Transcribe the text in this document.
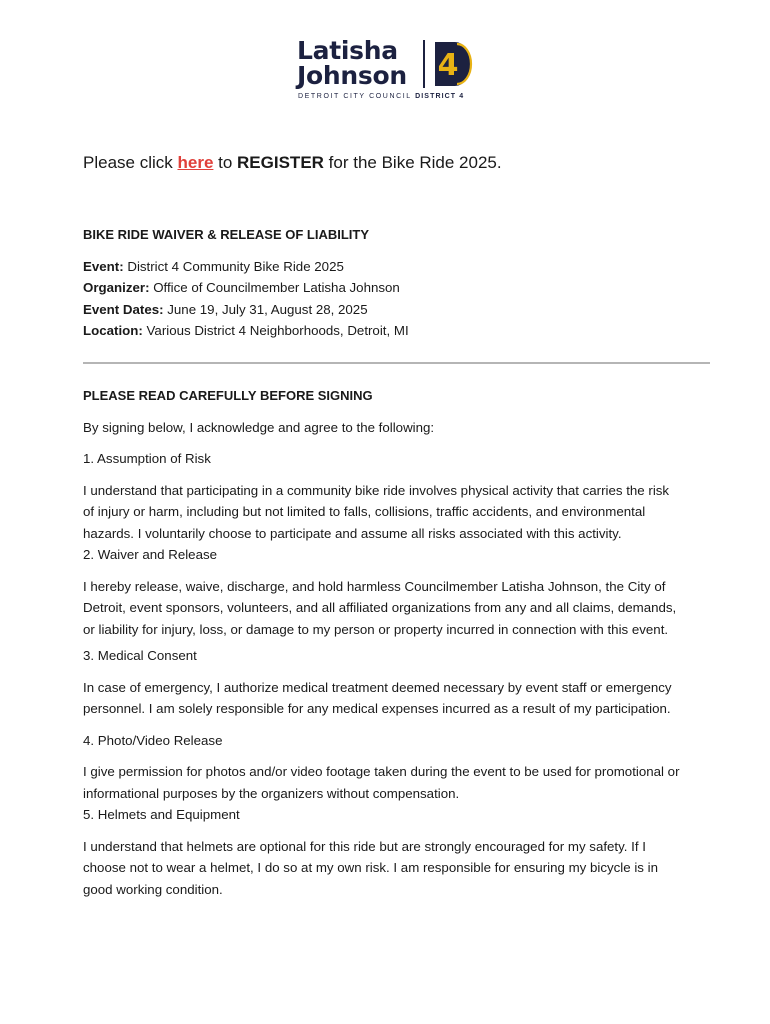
Latisha
Johnson 4
DETROIT CITY COUNCIL DISTRICT 4
Please click here to REGISTER for the Bike Ride 2025.

BIKE RIDE WAIVER & RELEASE OF LIABILITY

Event: District 4 Community Bike Ride 2025

Organizer: Office of Councilmember Latisha Johnson

Event Dates: June 19, July 31, August 28, 2025

Location: Various District 4 Neighborhoods, Detroit, MI

PLEASE READ CAREFULLY BEFORE SIGNING

By signing below, I acknowledge and agree to the following:

1. Assumption of Risk

I understand that participating in a community bike ride involves physical activity that carries the risk of injury or harm, including but not limited to falls, collisions, traffic accidents, and environmental hazards. I voluntarily choose to participate and assume all risks associated with this activity.

2. Waiver and Release

I hereby release, waive, discharge, and hold harmless Councilmember Latisha Johnson, the City of Detroit, event sponsors, volunteers, and all affiliated organizations from any and all claims, demands, or liability for injury, loss, or damage to my person or property incurred in connection with this event.

3. Medical Consent

In case of emergency, I authorize medical treatment deemed necessary by event staff or emergency personnel. I am solely responsible for any medical expenses incurred as a result of my participation.

4. Photo/Video Release

I give permission for photos and/or video footage taken during the event to be used for promotional or informational purposes by the organizers without compensation.

5. Helmets and Equipment

I understand that helmets are optional for this ride but are strongly encouraged for my safety. If I choose not to wear a helmet, I do so at my own risk. I am responsible for ensuring my bicycle is in good working condition.
